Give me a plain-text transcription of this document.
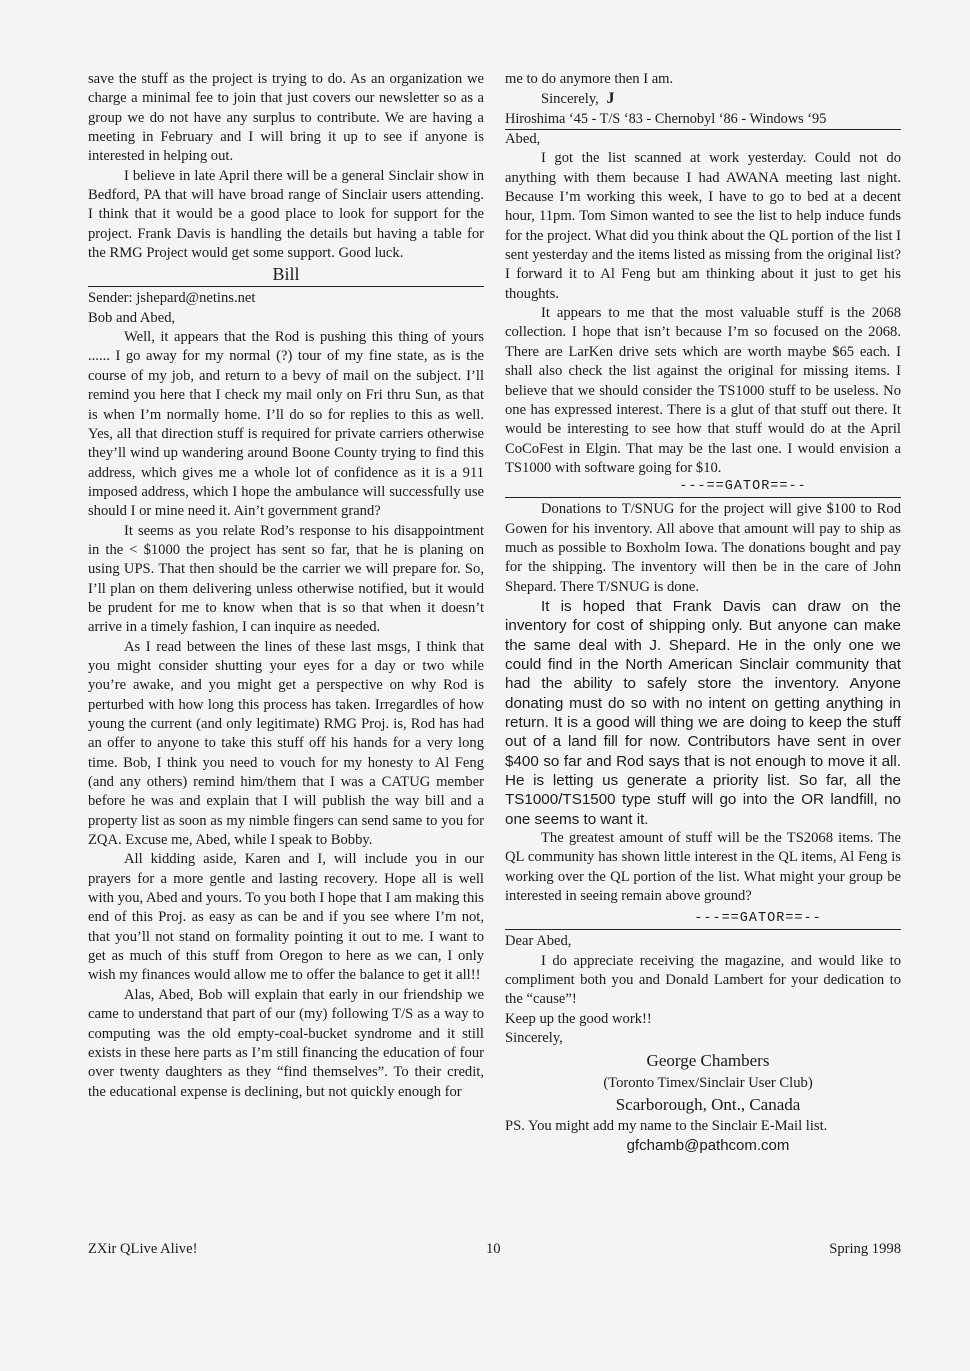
save the stuff as the project is trying to do. As an organization we charge a minimal fee to join that just covers our newsletter so as a group we do not have any surplus to contribute. We are having a meeting in February and I will bring it up to see if anyone is interested in helping out.

I believe in late April there will be a general Sinclair show in Bedford, PA that will have broad range of Sinclair users attending. I think that it would be a good place to look for support for the project. Frank Davis is handling the details but having a table for the RMG Project would get some support. Good luck.

Bill

Sender: jshepard@netins.net

Bob and Abed,

Well, it appears that the Rod is pushing this thing of yours ...... I go away for my normal (?) tour of my fine state, as is the course of my job, and return to a bevy of mail on the subject. I’ll remind you here that I check my mail only on Fri thru Sun, as that is when I’m normally home. I’ll do so for replies to this as well. Yes, all that direction stuff is required for private carriers otherwise they’ll wind up wandering around Boone County trying to find this address, which gives me a whole lot of confidence as it is a 911 imposed address, which I hope the ambulance will successfully use should I or mine need it. Ain’t government grand?

It seems as you relate Rod’s response to his disappointment in the < $1000 the project has sent so far, that he is planing on using UPS. That then should be the carrier we will prepare for. So, I’ll plan on them delivering unless otherwise notified, but it would be prudent for me to know when that is so that when it doesn’t arrive in a timely fashion, I can inquire as needed.

As I read between the lines of these last msgs, I think that you might consider shutting your eyes for a day or two while you’re awake, and you might get a perspective on why Rod is perturbed with how long this process has taken. Irregardles of how young the current (and only legitimate) RMG Proj. is, Rod has had an offer to anyone to take this stuff off his hands for a very long time. Bob, I think you need to vouch for my honesty to Al Feng (and any others) remind him/them that I was a CATUG member before he was and explain that I will publish the way bill and a property list as soon as my nimble fingers can send same to you for ZQA. Excuse me, Abed, while I speak to Bobby.

All kidding aside, Karen and I, will include you in our prayers for a more gentle and lasting recovery. Hope all is well with you, Abed and yours. To you both I hope that I am making this end of this Proj. as easy as can be and if you see where I’m not, that you’ll not stand on formality pointing it out to me. I want to get as much of this stuff from Oregon to here as we can, I only wish my finances would allow me to offer the balance to get it all!!

Alas, Abed, Bob will explain that early in our friendship we came to understand that part of our (my) following T/S as a way to computing was the old empty-coal-bucket syndrome and it still exists in these here parts as I’m still financing the education of four over twenty daughters as they “find themselves”. To their credit, the educational expense is declining, but not quickly enough for

me to do anymore then I am.

Sincerely, J

Hiroshima ‘45 - T/S ‘83 - Chernobyl ‘86 - Windows ‘95

Abed,

I got the list scanned at work yesterday. Could not do anything with them because I had AWANA meeting last night. Because I’m working this week, I have to go to bed at a decent hour, 11pm. Tom Simon wanted to see the list to help induce funds for the project. What did you think about the QL portion of the list I sent yesterday and the items listed as missing from the original list? I forward it to Al Feng but am thinking about it just to get his thoughts.

It appears to me that the most valuable stuff is the 2068 collection. I hope that isn’t because I’m so focused on the 2068. There are LarKen drive sets which are worth maybe $65 each. I shall also check the list against the original for missing items. I believe that we should consider the TS1000 stuff to be useless. No one has expressed interest. There is a glut of that stuff out there. It would be interesting to see how that stuff would do at the April CoCoFest in Elgin. That may be the last one. I would envision a TS1000 with software going for $10.

---==GATOR==--

Donations to T/SNUG for the project will give $100 to Rod Gowen for his inventory. All above that amount will pay to ship as much as possible to Boxholm Iowa. The donations bought and pay for the shipping. The inventory will then be in the care of John Shepard. There T/SNUG is done.

It is hoped that Frank Davis can draw on the inventory for cost of shipping only. But anyone can make the same deal with J. Shepard. He in the only one we could find in the North American Sinclair community that had the ability to safely store the inventory. Anyone donating must do so with no intent on getting anything in return. It is a good will thing we are doing to keep the stuff out of a land fill for now. Contributors have sent in over $400 so far and Rod says that is not enough to move it all. He is letting us generate a priority list. So far, all the TS1000/TS1500 type stuff will go into the OR landfill, no one seems to want it.

The greatest amount of stuff will be the TS2068 items. The QL community has shown little interest in the QL items, Al Feng is working over the QL portion of the list. What might your group be interested in seeing remain above ground?

---==GATOR==--

Dear Abed,

I do appreciate receiving the magazine, and would like to compliment both you and Donald Lambert for your dedication to the “cause”!

Keep up the good work!!

Sincerely,

George Chambers
(Toronto Timex/Sinclair User Club)
Scarborough, Ont., Canada

PS. You might add my name to the Sinclair E-Mail list.

gfchamb@pathcom.com
ZXir QLive Alive!	10	Spring 1998
